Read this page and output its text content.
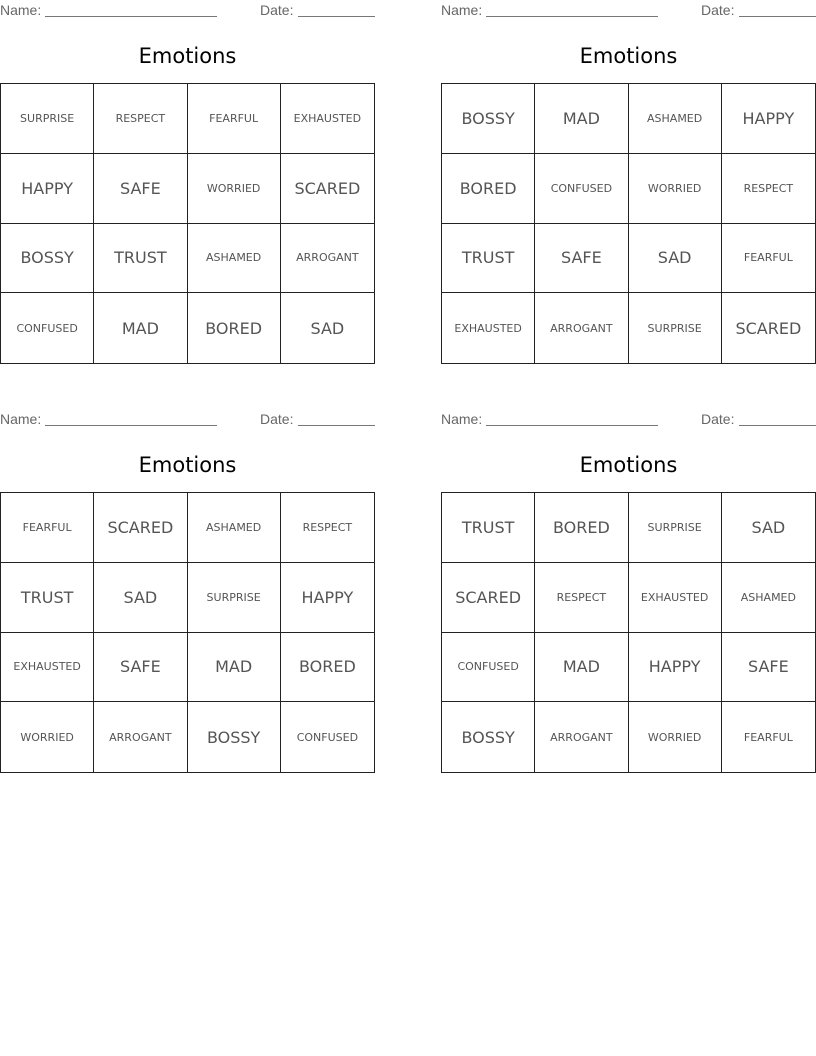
Name:	Date:
Emotions
SURPRISE	RESPECT	FEARFUL	EXHAUSTED
HAPPY	SAFE	WORRIED	SCARED
BOSSY	TRUST	ASHAMED	ARROGANT
CONFUSED	MAD	BORED	SAD
Name:	Date:
Emotions
BOSSY	MAD	ASHAMED	HAPPY
BORED	CONFUSED	WORRIED	RESPECT
TRUST	SAFE	SAD	FEARFUL
EXHAUSTED	ARROGANT	SURPRISE	SCARED
Name:	Date:
Emotions
FEARFUL	SCARED	ASHAMED	RESPECT
TRUST	SAD	SURPRISE	HAPPY
EXHAUSTED	SAFE	MAD	BORED
WORRIED	ARROGANT	BOSSY	CONFUSED
Name:	Date:
Emotions
TRUST	BORED	SURPRISE	SAD
SCARED	RESPECT	EXHAUSTED	ASHAMED
CONFUSED	MAD	HAPPY	SAFE
BOSSY	ARROGANT	WORRIED	FEARFUL
